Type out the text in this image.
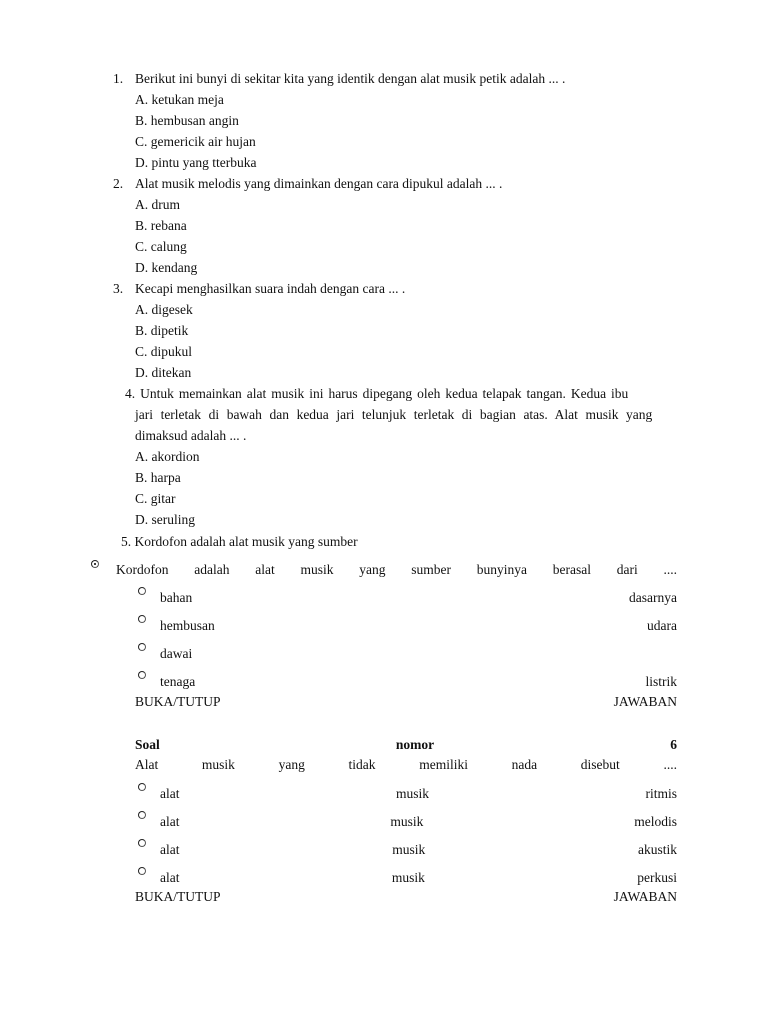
1. Berikut ini bunyi di sekitar kita yang identik dengan alat musik petik adalah ... .
A. ketukan meja
B. hembusan angin
C. gemericik air hujan
D. pintu yang tterbuka
2. Alat musik melodis yang dimainkan dengan cara dipukul adalah ... .
A. drum
B. rebana
C. calung
D. kendang
3. Kecapi menghasilkan suara indah dengan cara ... .
A. digesek
B. dipetik
C. dipukul
D. ditekan
4. Untuk memainkan alat musik ini harus dipegang oleh kedua telapak tangan. Kedua ibu
jari terletak di bawah dan kedua jari telunjuk terletak di bagian atas. Alat musik yang
dimaksud adalah ... .
A. akordion
B. harpa
C. gitar
D. seruling
5. Kordofon adalah alat musik yang sumber
Kordofon adalah alat musik yang sumber bunyinya berasal dari ....
bahan	dasarnya
hembusan	udara
dawai
tenaga	listrik
BUKA/TUTUP	JAWABAN
Soal	nomor	6
Alat	musik	yang	tidak	memiliki	nada	disebut	....
alat	musik	ritmis
alat	musik	melodis
alat	musik	akustik
alat	musik	perkusi
BUKA/TUTUP	JAWABAN
